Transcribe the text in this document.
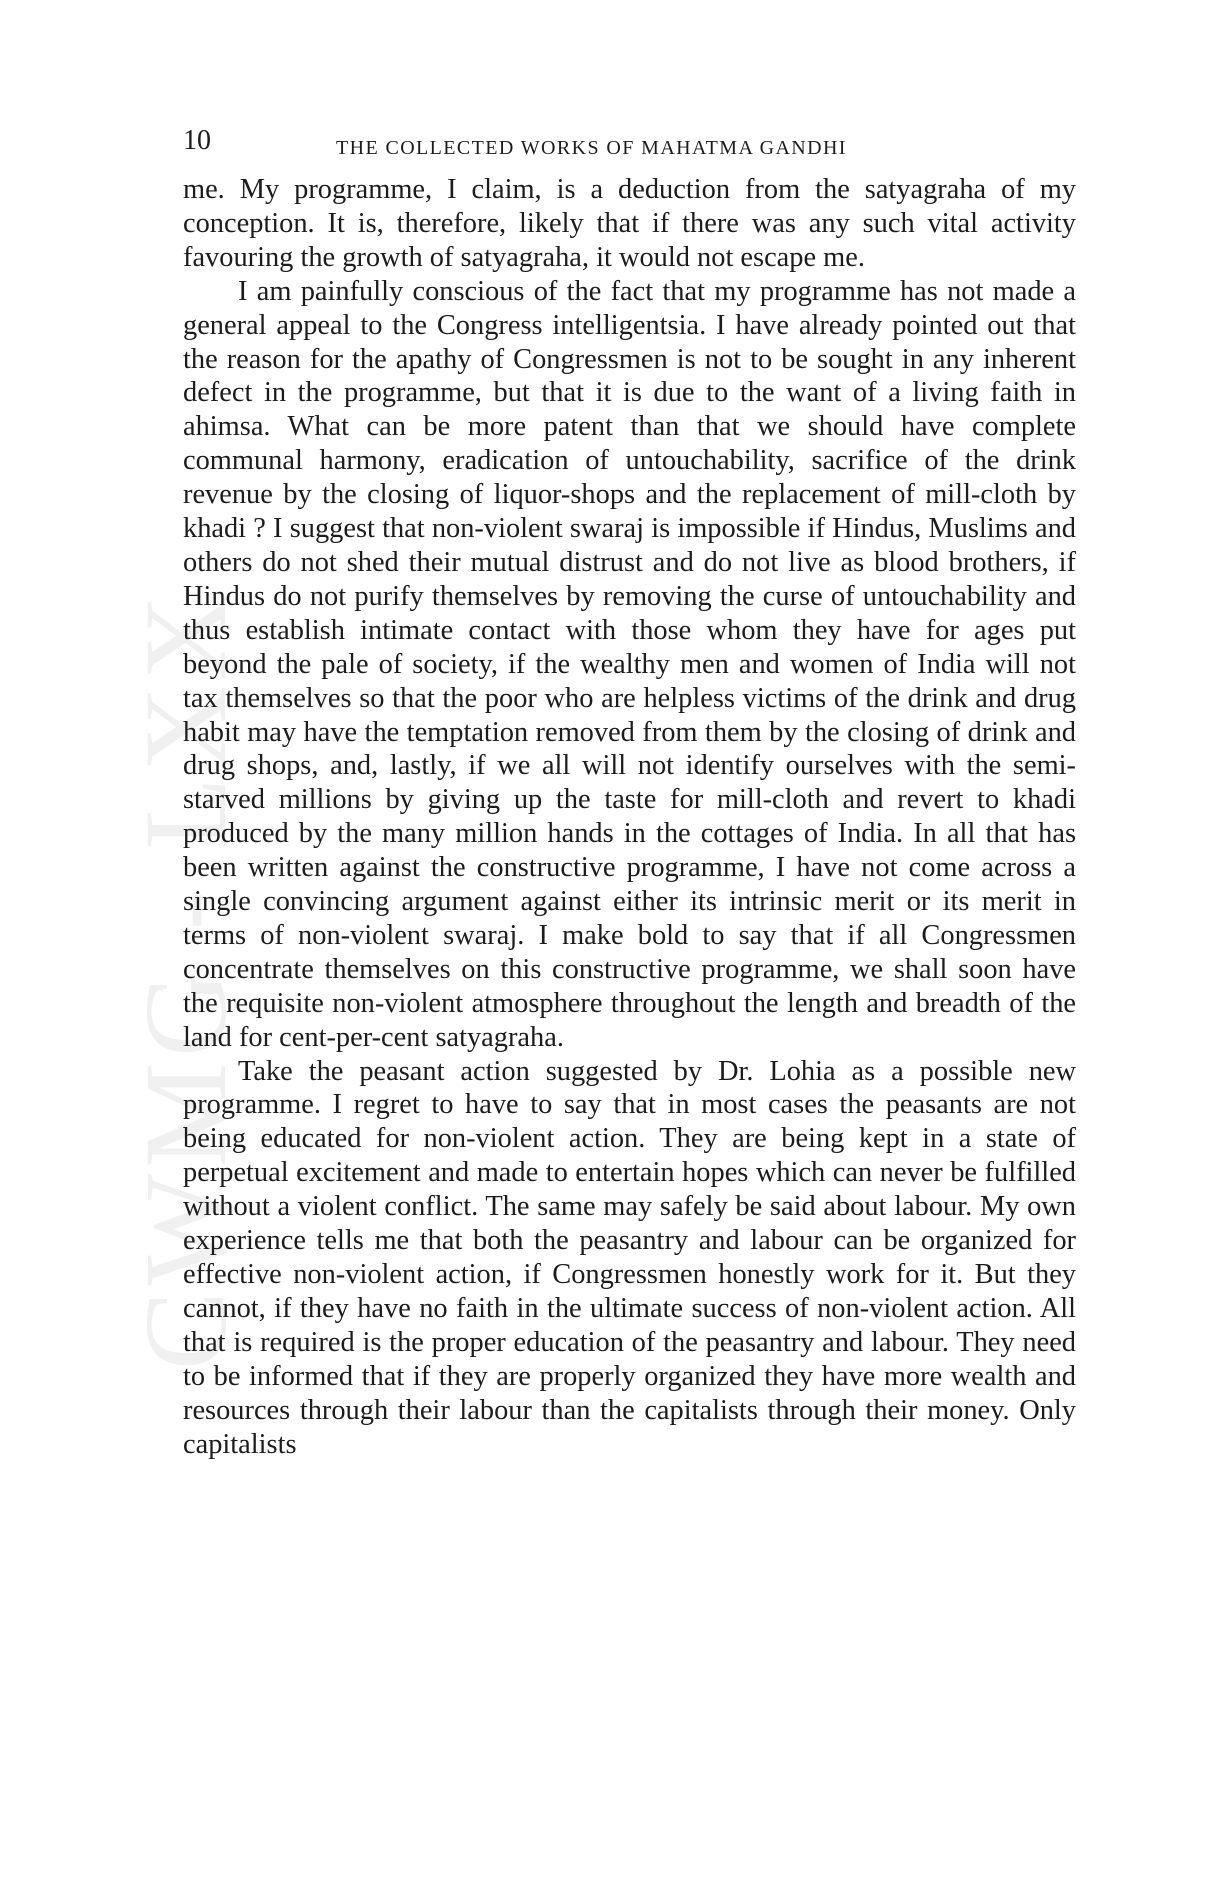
CWMG - LXX
10	THE COLLECTED WORKS OF MAHATMA GANDHI

me. My programme, I claim, is a deduction from the satyagraha of my conception. It is, therefore, likely that if there was any such vital activity favouring the growth of satyagraha, it would not escape me.

I am painfully conscious of the fact that my programme has not made a general appeal to the Congress intelligentsia. I have already pointed out that the reason for the apathy of Congressmen is not to be sought in any inherent defect in the programme, but that it is due to the want of a living faith in ahimsa. What can be more patent than that we should have complete communal harmony, eradication of untouchability, sacrifice of the drink revenue by the closing of liquor-shops and the replacement of mill-cloth by khadi ? I suggest that non-violent swaraj is impossible if Hindus, Muslims and others do not shed their mutual distrust and do not live as blood brothers, if Hindus do not purify themselves by removing the curse of untouchability and thus establish intimate contact with those whom they have for ages put beyond the pale of society, if the wealthy men and women of India will not tax themselves so that the poor who are helpless victims of the drink and drug habit may have the temptation removed from them by the closing of drink and drug shops, and, lastly, if we all will not identify ourselves with the semi-starved millions by giving up the taste for mill-cloth and revert to khadi produced by the many million hands in the cottages of India. In all that has been written against the constructive programme, I have not come across a single convincing argument against either its intrinsic merit or its merit in terms of non-violent swaraj. I make bold to say that if all Congressmen concentrate themselves on this constructive programme, we shall soon have the requisite non-violent atmosphere throughout the length and breadth of the land for cent-per-cent satyagraha.

Take the peasant action suggested by Dr. Lohia as a possible new programme. I regret to have to say that in most cases the peasants are not being educated for non-violent action. They are being kept in a state of perpetual excitement and made to entertain hopes which can never be fulfilled without a violent conflict. The same may safely be said about labour. My own experience tells me that both the peasantry and labour can be organized for effective non-violent action, if Congressmen honestly work for it. But they cannot, if they have no faith in the ultimate success of non-violent action. All that is required is the proper education of the peasantry and labour. They need to be informed that if they are properly organized they have more wealth and resources through their labour than the capitalists through their money. Only capitalists
